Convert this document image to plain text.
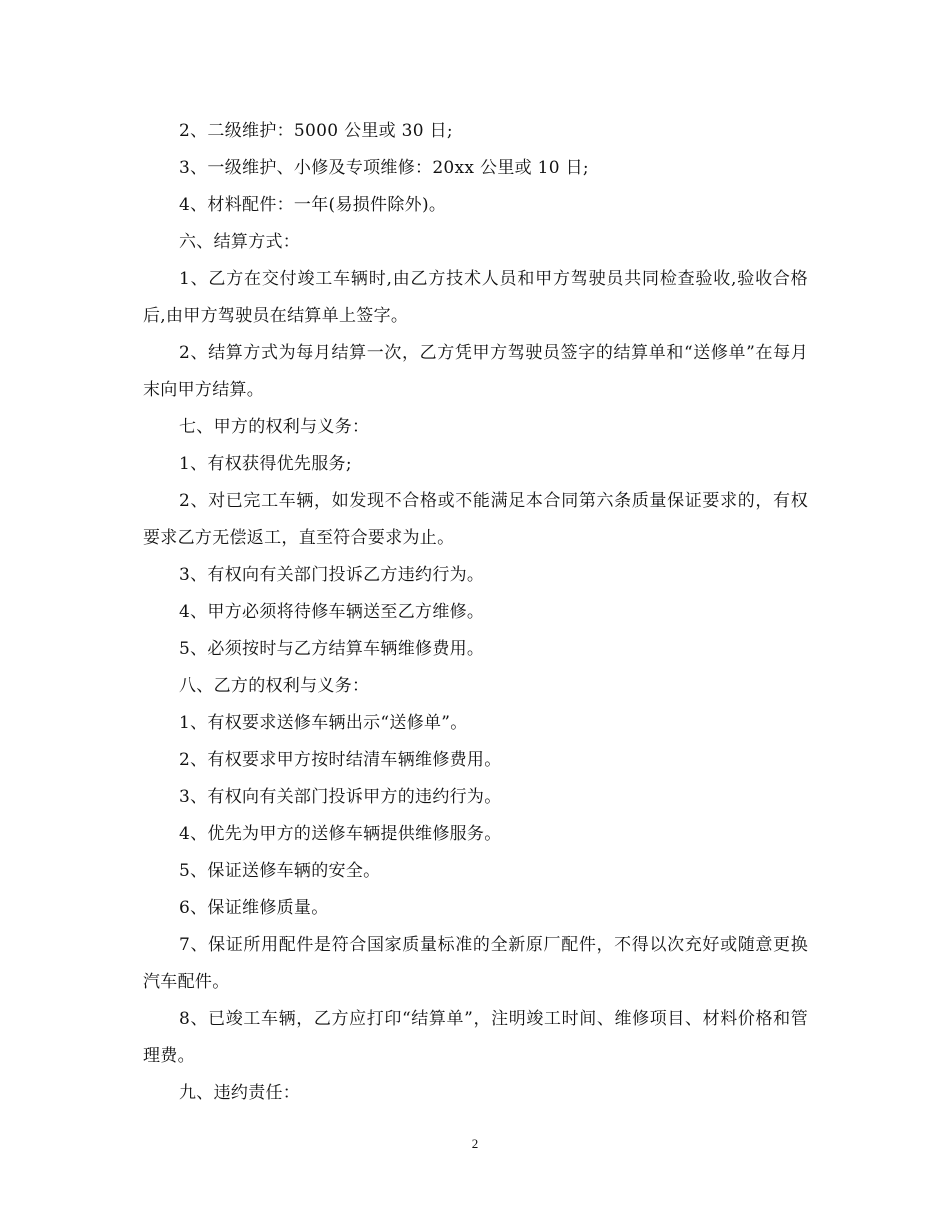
2、二级维护：5000 公里或 30 日;

3、一级维护、小修及专项维修：20xx 公里或 10 日;

4、材料配件：一年(易损件除外)。

六、结算方式：

1、乙方在交付竣工车辆时,由乙方技术人员和甲方驾驶员共同检查验收,验收合格后,由甲方驾驶员在结算单上签字。

2、结算方式为每月结算一次，乙方凭甲方驾驶员签字的结算单和“送修单”在每月末向甲方结算。

七、甲方的权利与义务：

1、有权获得优先服务;

2、对已完工车辆，如发现不合格或不能满足本合同第六条质量保证要求的，有权要求乙方无偿返工，直至符合要求为止。

3、有权向有关部门投诉乙方违约行为。

4、甲方必须将待修车辆送至乙方维修。

5、必须按时与乙方结算车辆维修费用。

八、乙方的权利与义务：

1、有权要求送修车辆出示“送修单”。

2、有权要求甲方按时结清车辆维修费用。

3、有权向有关部门投诉甲方的违约行为。

4、优先为甲方的送修车辆提供维修服务。

5、保证送修车辆的安全。

6、保证维修质量。

7、保证所用配件是符合国家质量标准的全新原厂配件，不得以次充好或随意更换汽车配件。

8、已竣工车辆，乙方应打印“结算单”，注明竣工时间、维修项目、材料价格和管理费。

九、违约责任：

2
